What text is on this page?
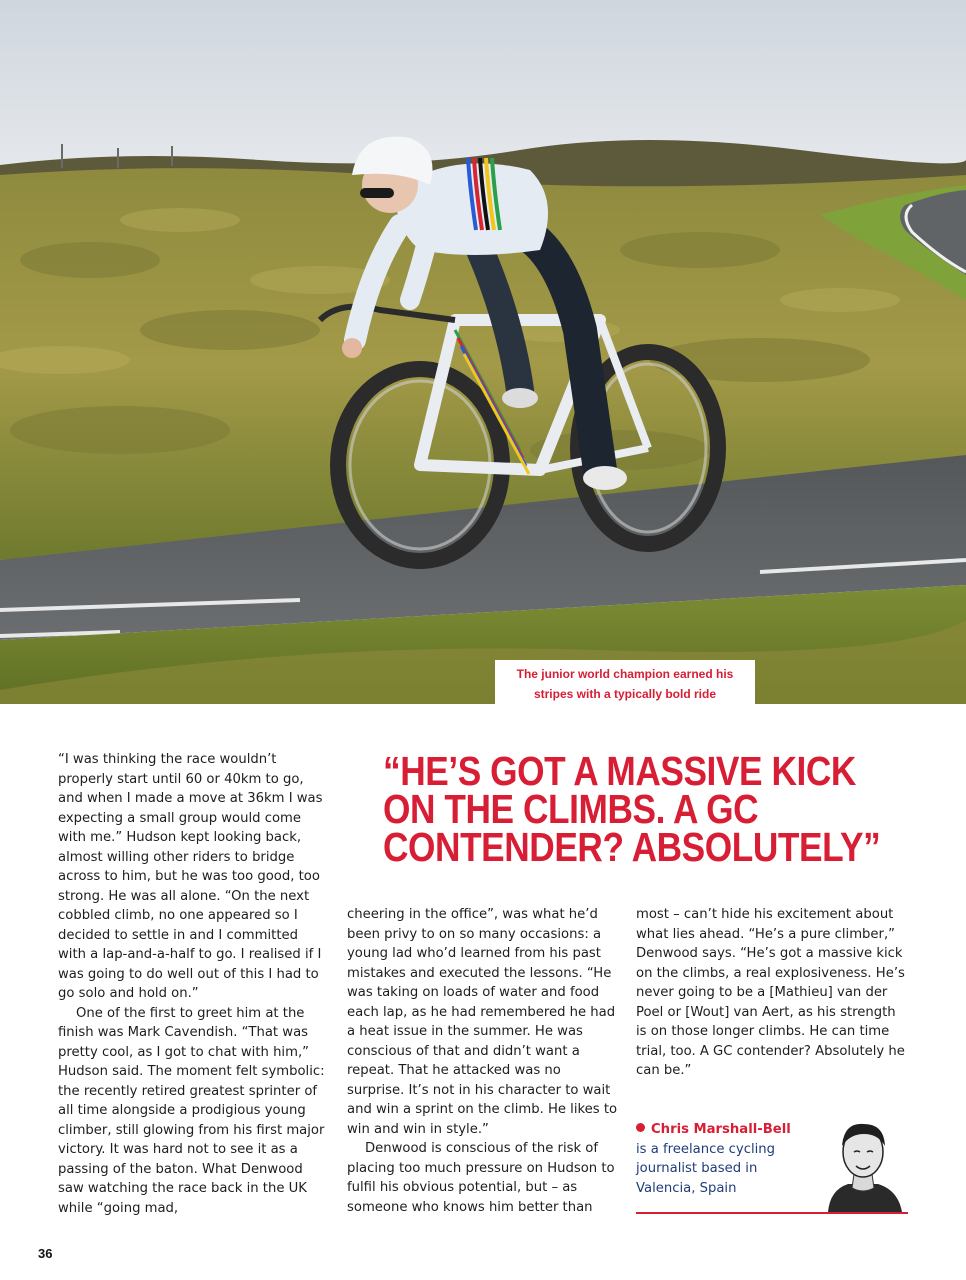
The junior world champion earned his
stripes with a typically bold ride

“I was thinking the race wouldn’t properly start until 60 or 40km to go, and when I made a move at 36km I was expecting a small group would come with me.” Hudson kept looking back, almost willing other riders to bridge across to him, but he was too good, too strong. He was all alone. “On the next cobbled climb, no one appeared so I decided to settle in and I committed with a lap-and-a-half to go. I realised if I was going to do well out of this I had to go solo and hold on.”

One of the first to greet him at the finish was Mark Cavendish. “That was pretty cool, as I got to chat with him,” Hudson said. The moment felt symbolic: the recently retired greatest sprinter of all time alongside a prodigious young climber, still glowing from his first major victory. It was hard not to see it as a passing of the baton. What Denwood saw watching the race back in the UK while “going mad,

“HE’S GOT A MASSIVE KICK
ON THE CLIMBS. A GC
CONTENDER? ABSOLUTELY”

cheering in the office”, was what he’d been privy to on so many occasions: a young lad who’d learned from his past mistakes and executed the lessons. “He was taking on loads of water and food each lap, as he had remembered he had a heat issue in the summer. He was conscious of that and didn’t want a repeat. That he attacked was no surprise. It’s not in his character to wait and win a sprint on the climb. He likes to win and win in style.”

Denwood is conscious of the risk of placing too much pressure on Hudson to fulfil his obvious potential, but – as someone who knows him better than

most – can’t hide his excitement about what lies ahead. “He’s a pure climber,” Denwood says. “He’s got a massive kick on the climbs, a real explosiveness. He’s never going to be a [Mathieu] van der Poel or [Wout] van Aert, as his strength is on those longer climbs. He can time trial, too. A GC contender? Absolutely he can be.”

Chris Marshall-Bell
is a freelance cycling journalist based in Valencia, Spain
36
